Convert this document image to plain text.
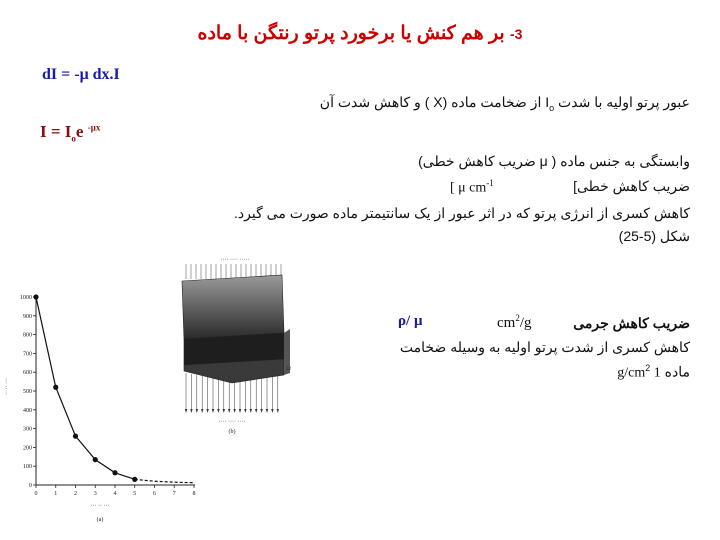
3- بر هم کنش یا برخورد پرتو رنتگن با ماده
dI = -μ dx.I
$I = I_oe$ $^{-\mu x}$
عبور پرتو اولیه با شدت $I_o$ از ضخامت ماده (X ) و کاهش شدت آن
وابستگی به جنس ماده ( μ ضریب کاهش خطی)
[ μ $cm^{-1}$	ضریب کاهش خطی]
کاهش کسری از انرژی پرتو که در اثر عبور از یک سانتیمتر ماده صورت می گیرد.
شکل (5-25)
ρ/ μ	$cm^2/g$	ضریب کاهش جرمی
کاهش کسری از شدت پرتو اولیه به وسیله ضخامت
ماده 1 $g/cm^2$
0
100
200
300
400
500
600
700
800
900
1000
0	1	2	3	4	5	6	7	8
·· ·· ···
··· ·· ···
(a)
···· ···· ·····
32
···· ···· ····
(b)
